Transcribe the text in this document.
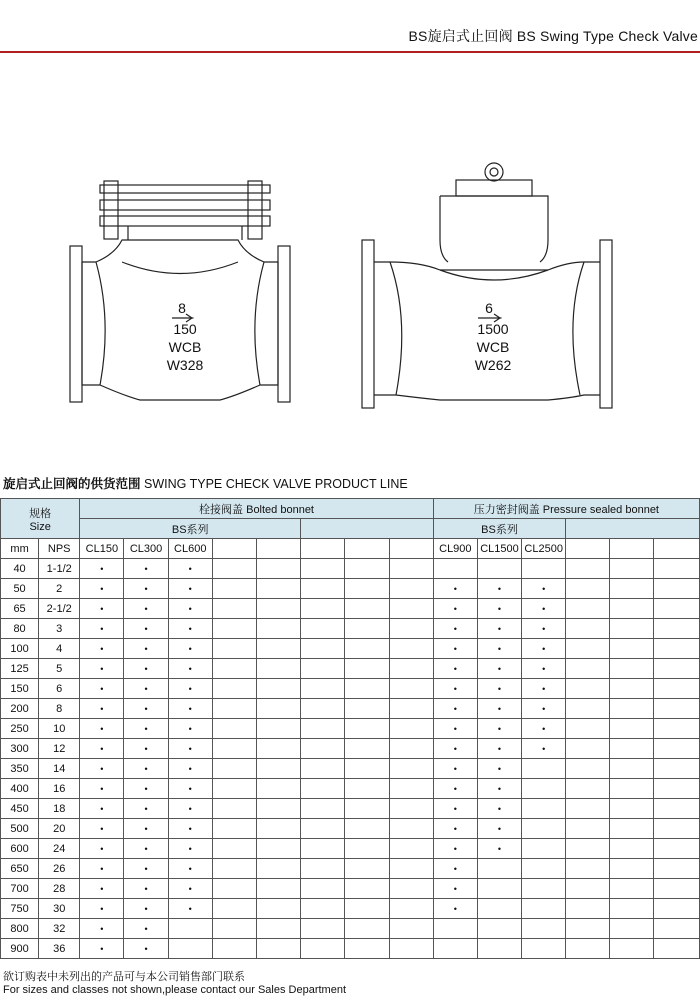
BS旋启式止回阀 BS Swing Type Check Valve
8
150
WCB
W328
6
1500
WCB
W262
旋启式止回阀的供货范围 SWING TYPE CHECK VALVE PRODUCT LINE
规格
Size		栓接阀盖 Bolted bonnet								压力密封阀盖 Pressure sealed bonnet					
		BS系列								BS系列					
mm	NPS	CL150	CL300	CL600						CL900	CL1500	CL2500			
40	1-1/2	•	•	•											
50	2	•	•	•						•	•	•			
65	2-1/2	•	•	•						•	•	•			
80	3	•	•	•						•	•	•			
100	4	•	•	•						•	•	•			
125	5	•	•	•						•	•	•			
150	6	•	•	•						•	•	•			
200	8	•	•	•						•	•	•			
250	10	•	•	•						•	•	•			
300	12	•	•	•						•	•	•			
350	14	•	•	•						•	•				
400	16	•	•	•						•	•				
450	18	•	•	•						•	•				
500	20	•	•	•						•	•				
600	24	•	•	•						•	•				
650	26	•	•	•						•					
700	28	•	•	•						•					
750	30	•	•	•						•					
800	32	•	•												
900	36	•	•												
欲订购表中未列出的产品可与本公司销售部门联系
For sizes and classes not shown,please contact our Sales Department
